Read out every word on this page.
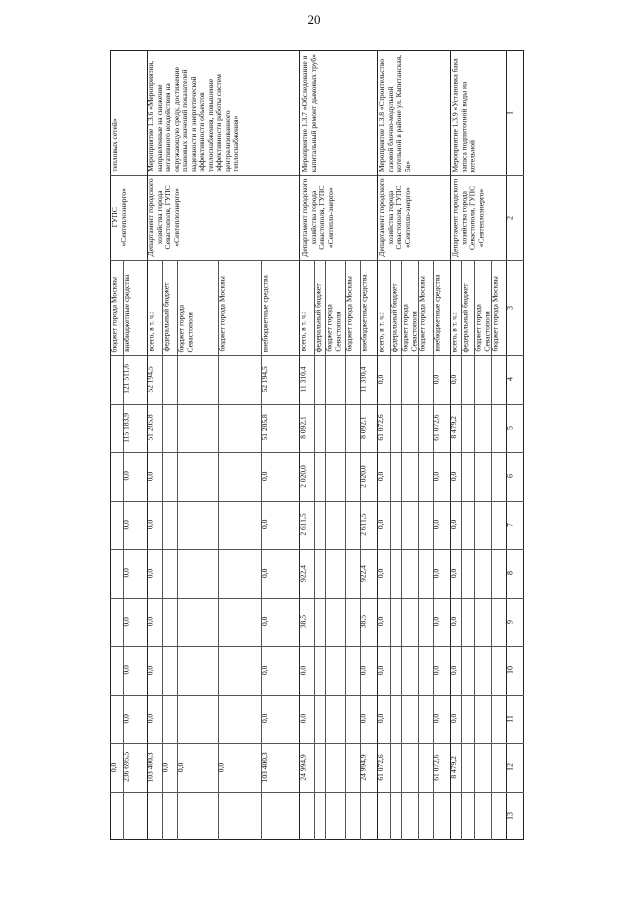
20
1
2
3
4
5
6
7
8
9
10
11
12
13
тепловых сетей»
ГУПС «Севтеплоэнерго»
бюджет города Москвы
0,0
внебюджетные средства
121 511,6
115 183,9
0,0
0,0
0,0
0,0
0,0
0,0
236 695,5
Мероприятие 1.3.6 «Мероприятия, направленные на снижение негативного воздействия на окружающую среду, достижение плановых значений показателей надежности и энергетической эффективности объектов теплоснабжения, повышение эффективности работы систем централизованного теплоснабжения»
Департамент городского хозяйства города Севастополя, ГУПС «Севтеплоэнерго»
всего, в т. ч.:
52 194,5
51 205,8
0,0
0,0
0,0
0,0
0,0
0,0
103 400,3
федеральный бюджет
0,0
бюджет города Севастополя
0,0
бюджет города Москвы
0,0
внебюджетные средства
52 194,5
51 205,8
0,0
0,0
0,0
0,0
0,0
0,0
103 400,3
Мероприятие 1.3.7 «Обследование и капитальный ремонт дымовых труб»
Департамент городского хозяйства города Севастополя, ГУПС «Севтепло-энерго»
всего, в т. ч.:
11 310,4
8 092,1
2 020,0
2 611,5
922,4
38,5
0,0
0,0
24 994,9
федеральный бюджет бюджет города Севастополя бюджет города Москвы внебюджетные средства
11 310,4
8 092,1
2 020,0
2 611,5
922,4
38,5
0,0
0,0
24 994,9
Мероприятие 1.3.8 «Строительство газовой блочно-модульной котельной в районе ул. Капитанская, 5в»
Департамент городского хозяйства города Севастополя, ГУПС «Севтепло-энерго»
всего, в т. ч.:
0,0
61 072,6
0,0
0,0
0,0
0,0
0,0
0,0
61 072,6
федеральный бюджет бюджет города Севастополя бюджет города Москвы внебюджетные средства
0,0
61 072,6
0,0
0,0
0,0
0,0
0,0
0,0
61 072,6
Мероприятие 1.3.9 «Установка бака запаса подпиточной воды на котельной
Департамент городского хозяйства города Севастополя, ГУПС «Севтеплоэнерго»
всего, в т. ч.:
0,0
8 479,2
0,0
0,0
0,0
0,0
0,0
0,0
8 479,2
федеральный бюджет бюджет города Севастополя бюджет города Москвы
